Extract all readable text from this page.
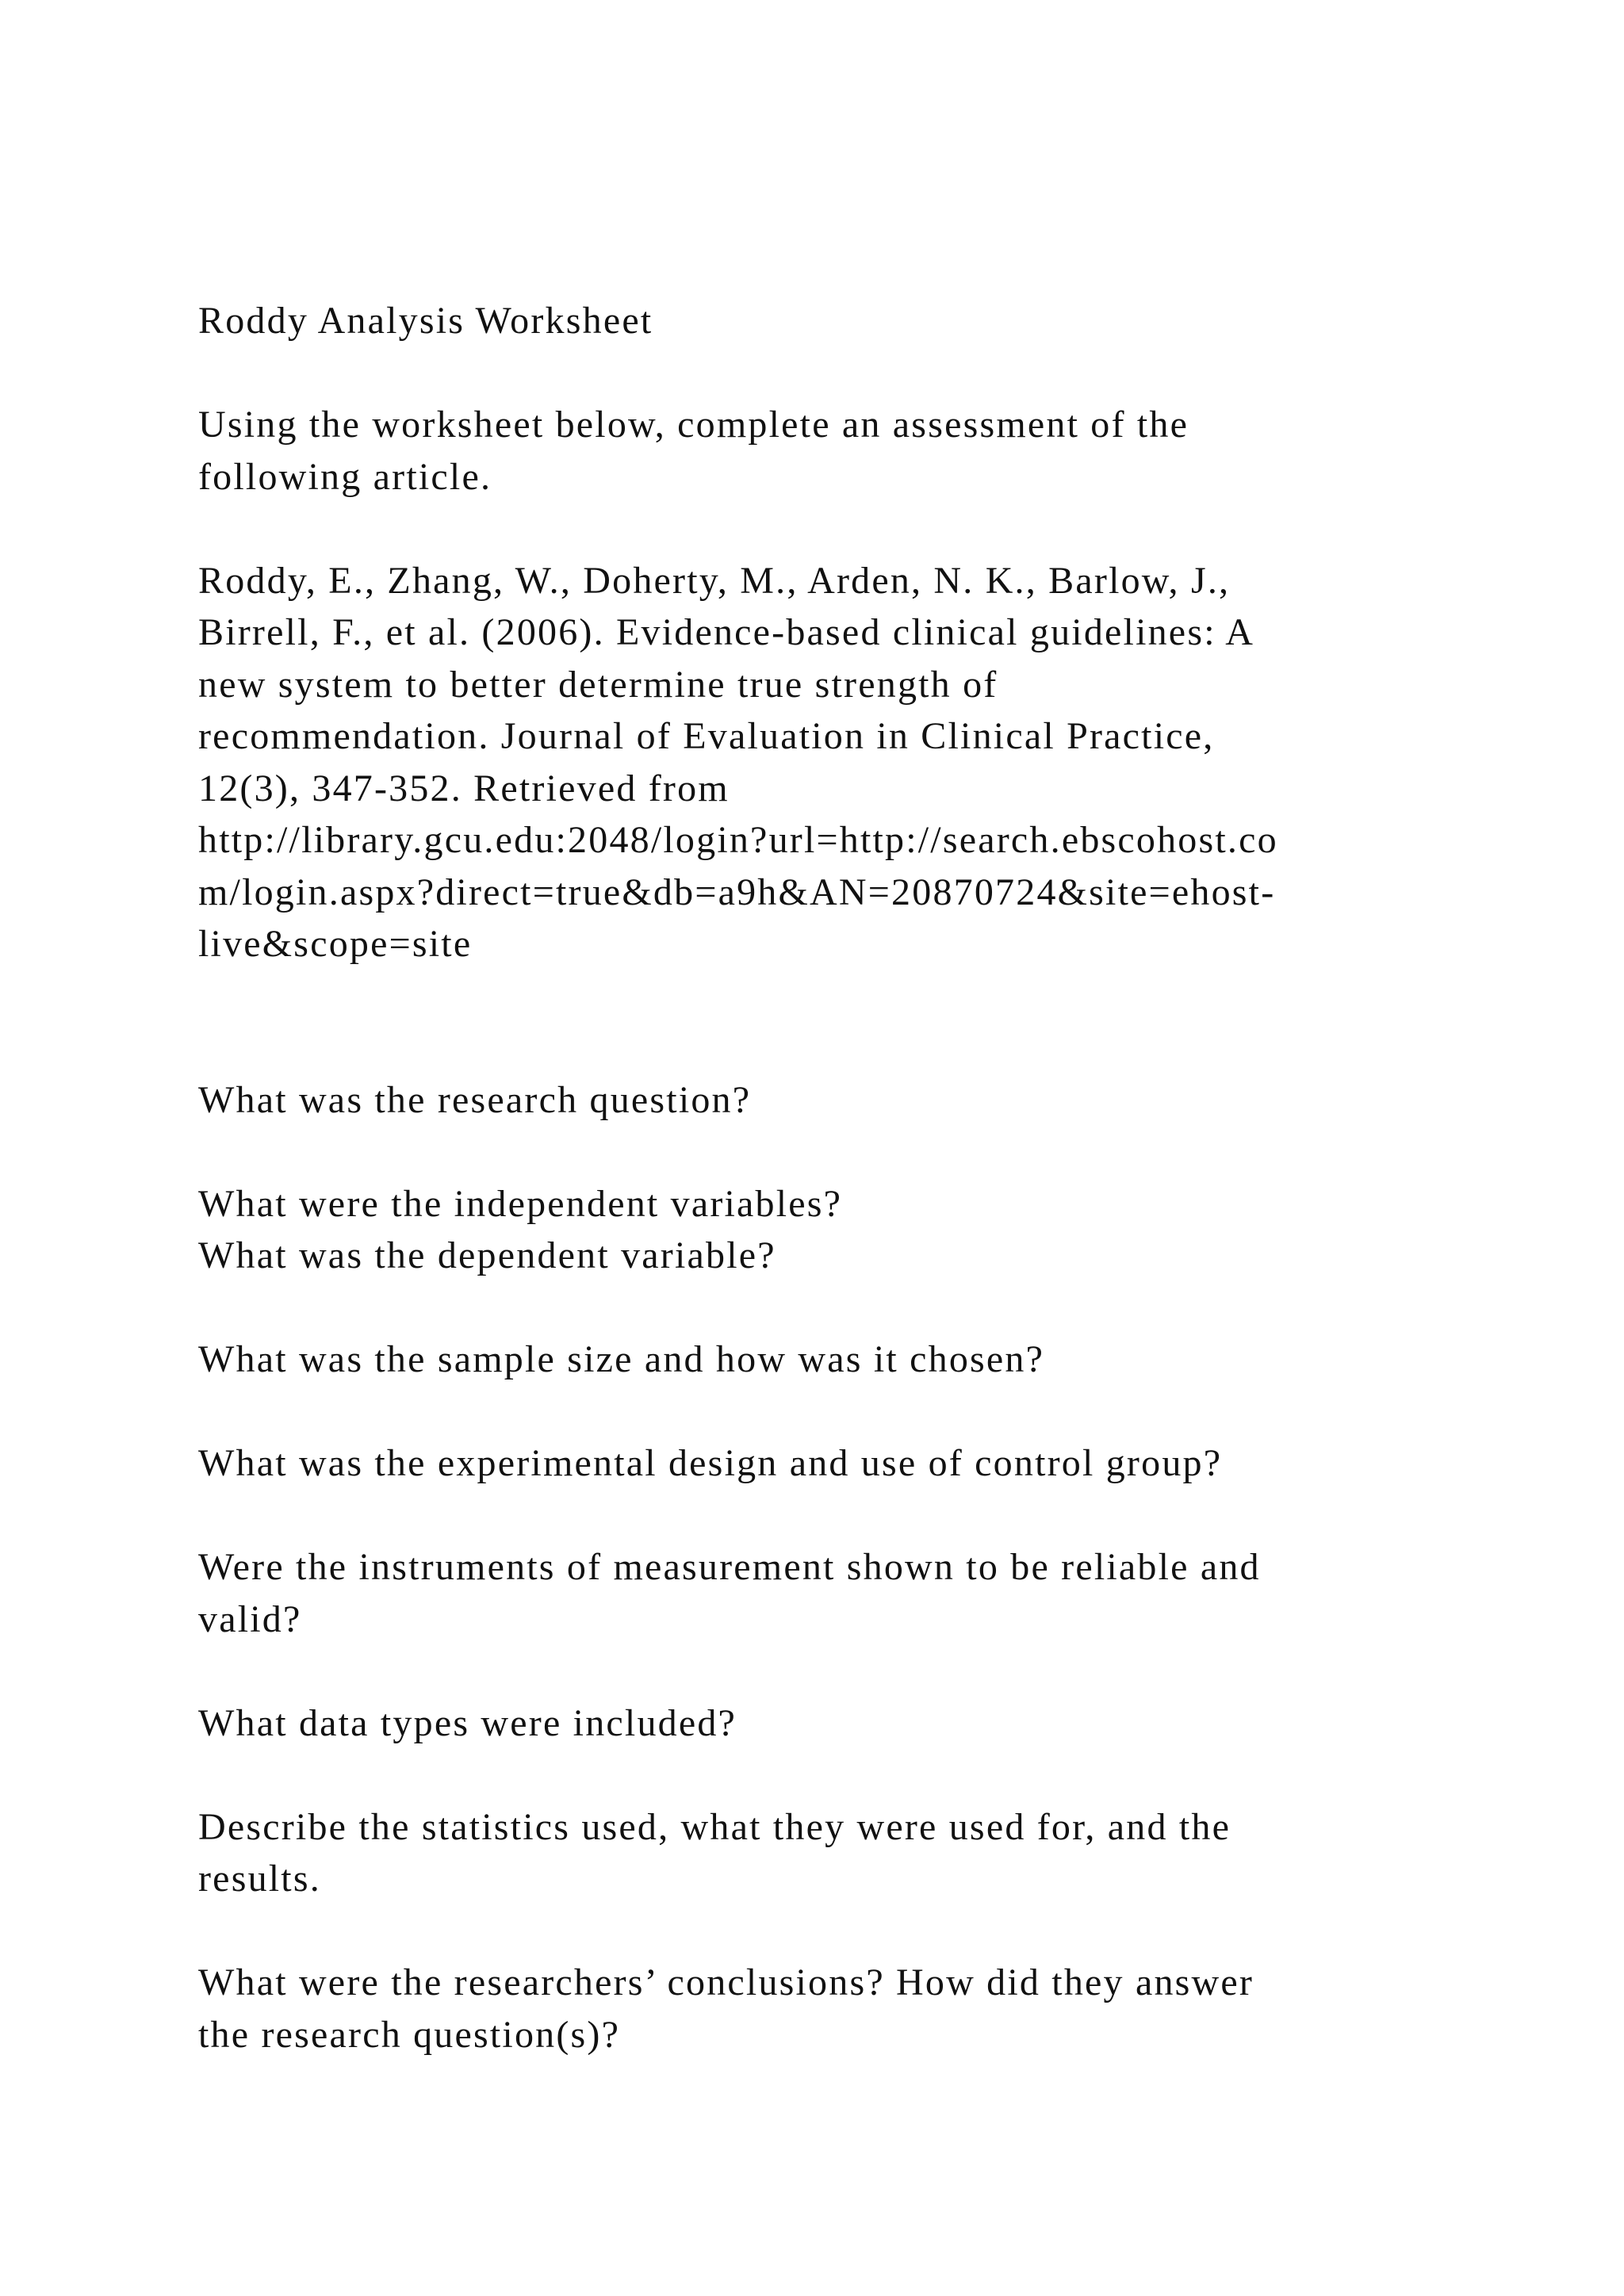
Roddy Analysis Worksheet
Using the worksheet below, complete an assessment of the
following article.
Roddy, E., Zhang, W., Doherty, M., Arden, N. K., Barlow, J.,
Birrell, F., et al. (2006). Evidence-based clinical guidelines: A
new system to better determine true strength of
recommendation. Journal of Evaluation in Clinical Practice,
12(3), 347-352. Retrieved from
http://library.gcu.edu:2048/login?url=http://search.ebscohost.co
m/login.aspx?direct=true&db=a9h&AN=20870724&site=ehost-
live&scope=site
What was the research question?
What were the independent variables?
What was the dependent variable?
What was the sample size and how was it chosen?
What was the experimental design and use of control group?
Were the instruments of measurement shown to be reliable and
valid?
What data types were included?
Describe the statistics used, what they were used for, and the
results.
What were the researchers’ conclusions? How did they answer
the research question(s)?
